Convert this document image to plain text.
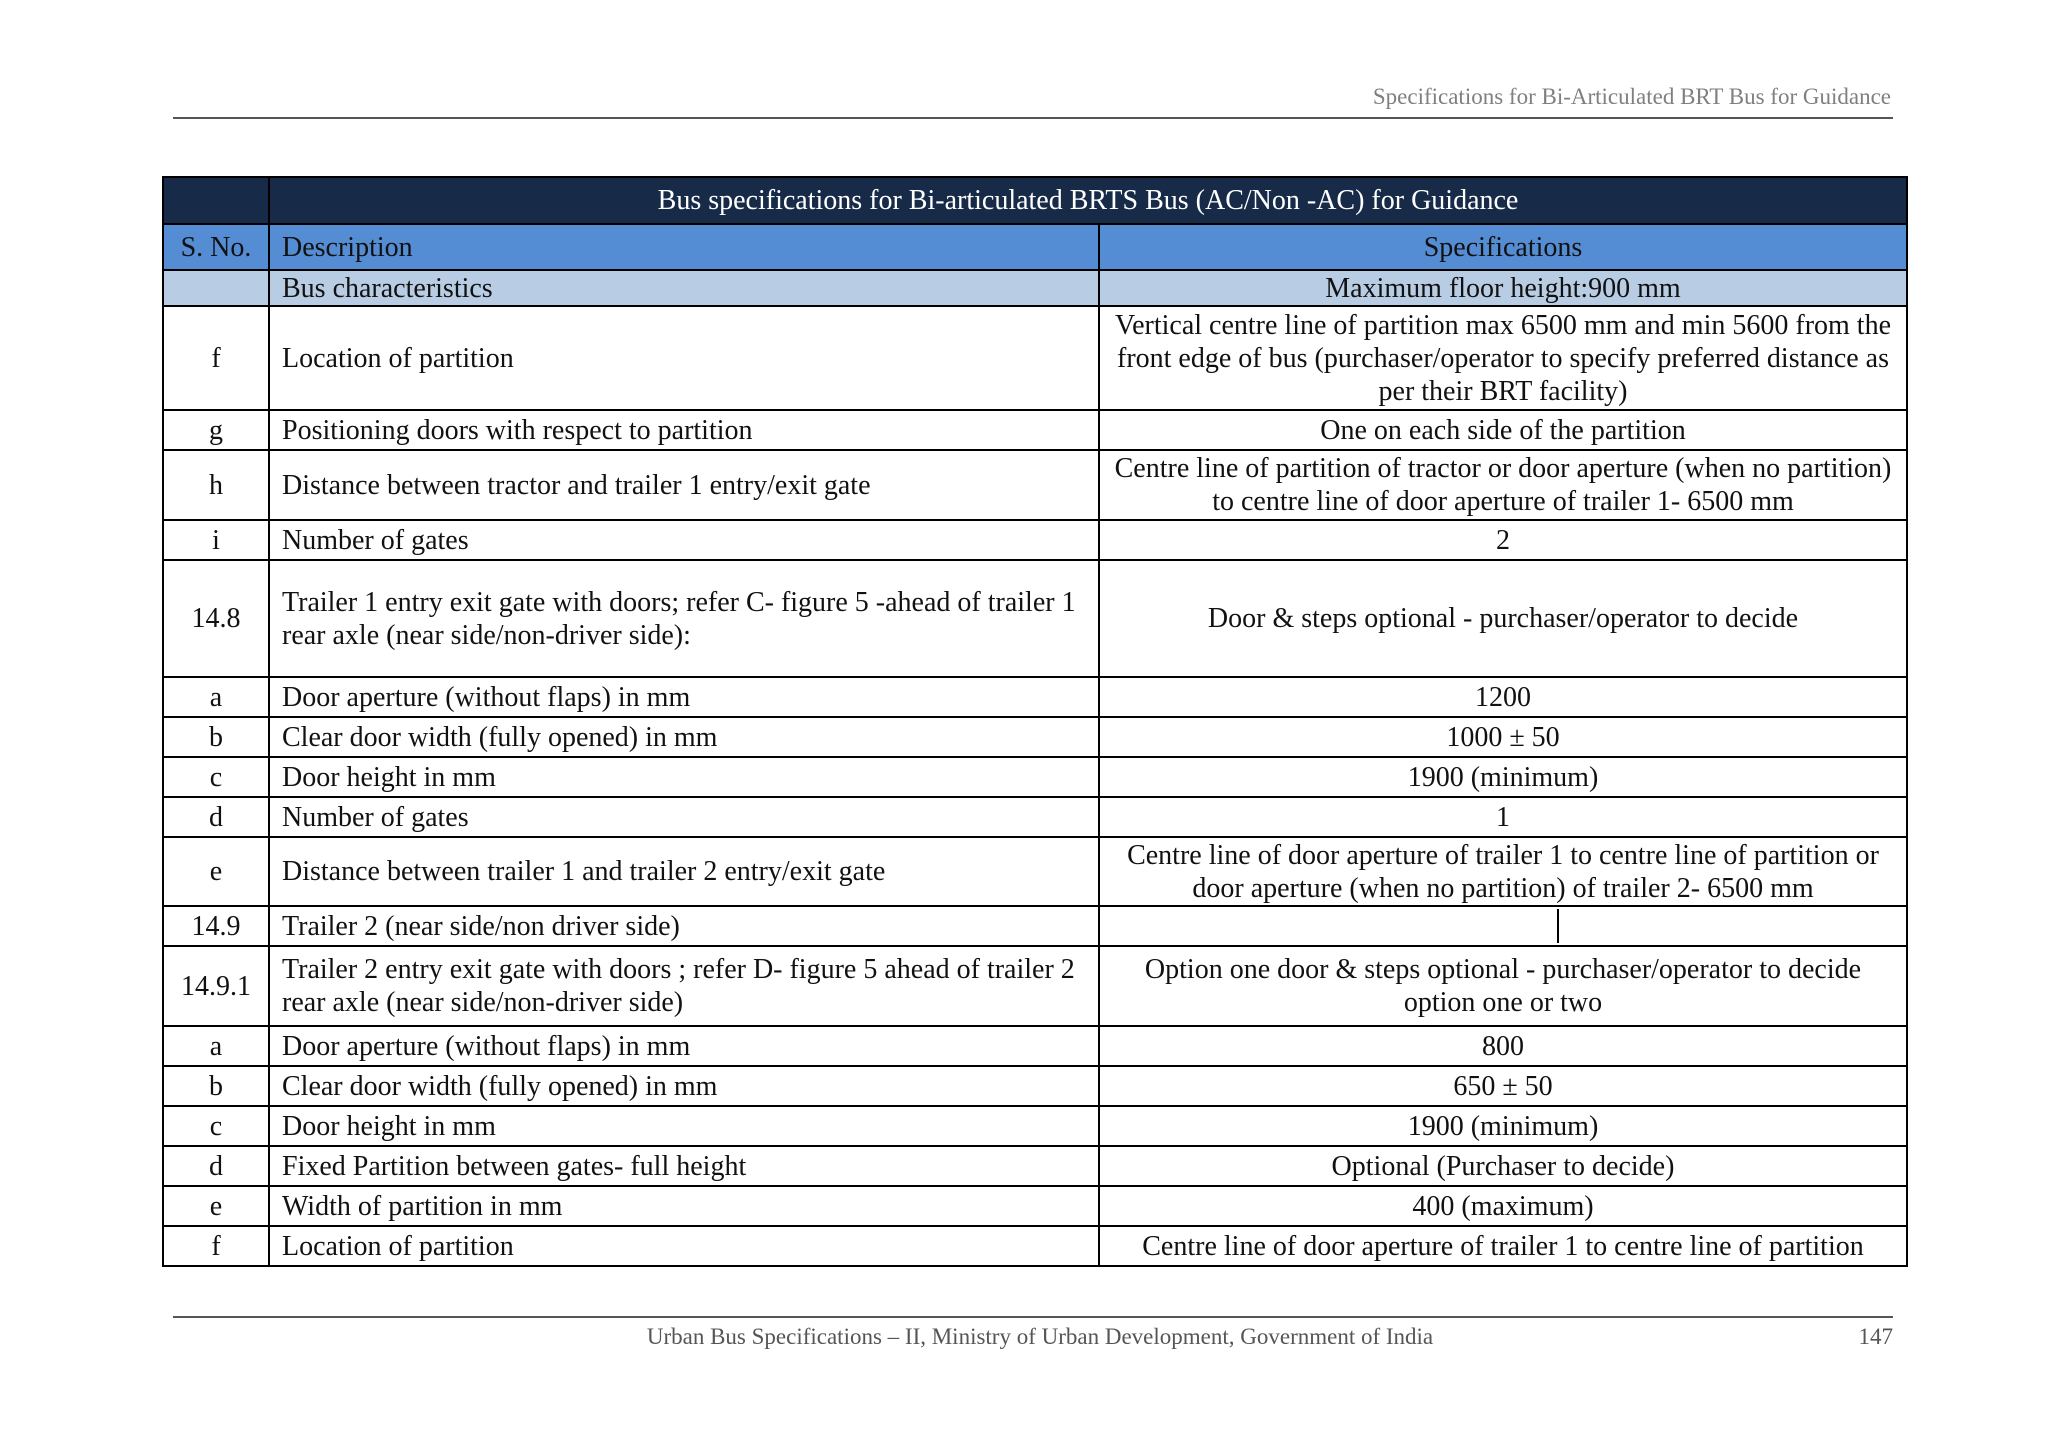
Specifications for Bi-Articulated BRT Bus for Guidance
	Bus specifications for Bi-articulated BRTS Bus (AC/Non -AC) for Guidance	
S. No.	Description	Specifications
	Bus characteristics	Maximum floor height:900 mm
f	Location of partition	Vertical centre line of partition max 6500 mm and min 5600 from the front edge of bus (purchaser/operator to specify preferred distance as per their BRT facility)
g	Positioning doors with respect to partition	One on each side of the partition
h	Distance between tractor and trailer 1 entry/exit gate	Centre line of partition of tractor or door aperture (when no partition) to centre line of door aperture of trailer 1- 6500 mm
i	Number of gates	2
14.8	Trailer 1 entry exit gate with doors; refer C- figure 5 -ahead of trailer 1 rear axle (near side/non-driver side):	Door & steps optional - purchaser/operator to decide
a	Door aperture (without flaps) in mm	1200
b	Clear door width (fully opened) in mm	1000 ± 50
c	Door height in mm	1900 (minimum)
d	Number of gates	1
e	Distance between trailer 1 and trailer 2 entry/exit gate	Centre line of door aperture of trailer 1 to centre line of partition or door aperture (when no partition) of trailer 2- 6500 mm
14.9	Trailer 2 (near side/non driver side)	

14.9.1	Trailer 2 entry exit gate with doors ; refer D- figure 5 ahead of trailer 2 rear axle (near side/non-driver side)	Option one door & steps optional - purchaser/operator to decide option one or two
a	Door aperture (without flaps) in mm	800
b	Clear door width (fully opened) in mm	650 ± 50
c	Door height in mm	1900 (minimum)
d	Fixed Partition between gates- full height	Optional (Purchaser to decide)
e	Width of partition in mm	400 (maximum)
f	Location of partition	Centre line of door aperture of trailer 1 to centre line of partition
Urban Bus Specifications – II, Ministry of Urban Development, Government of India	147
